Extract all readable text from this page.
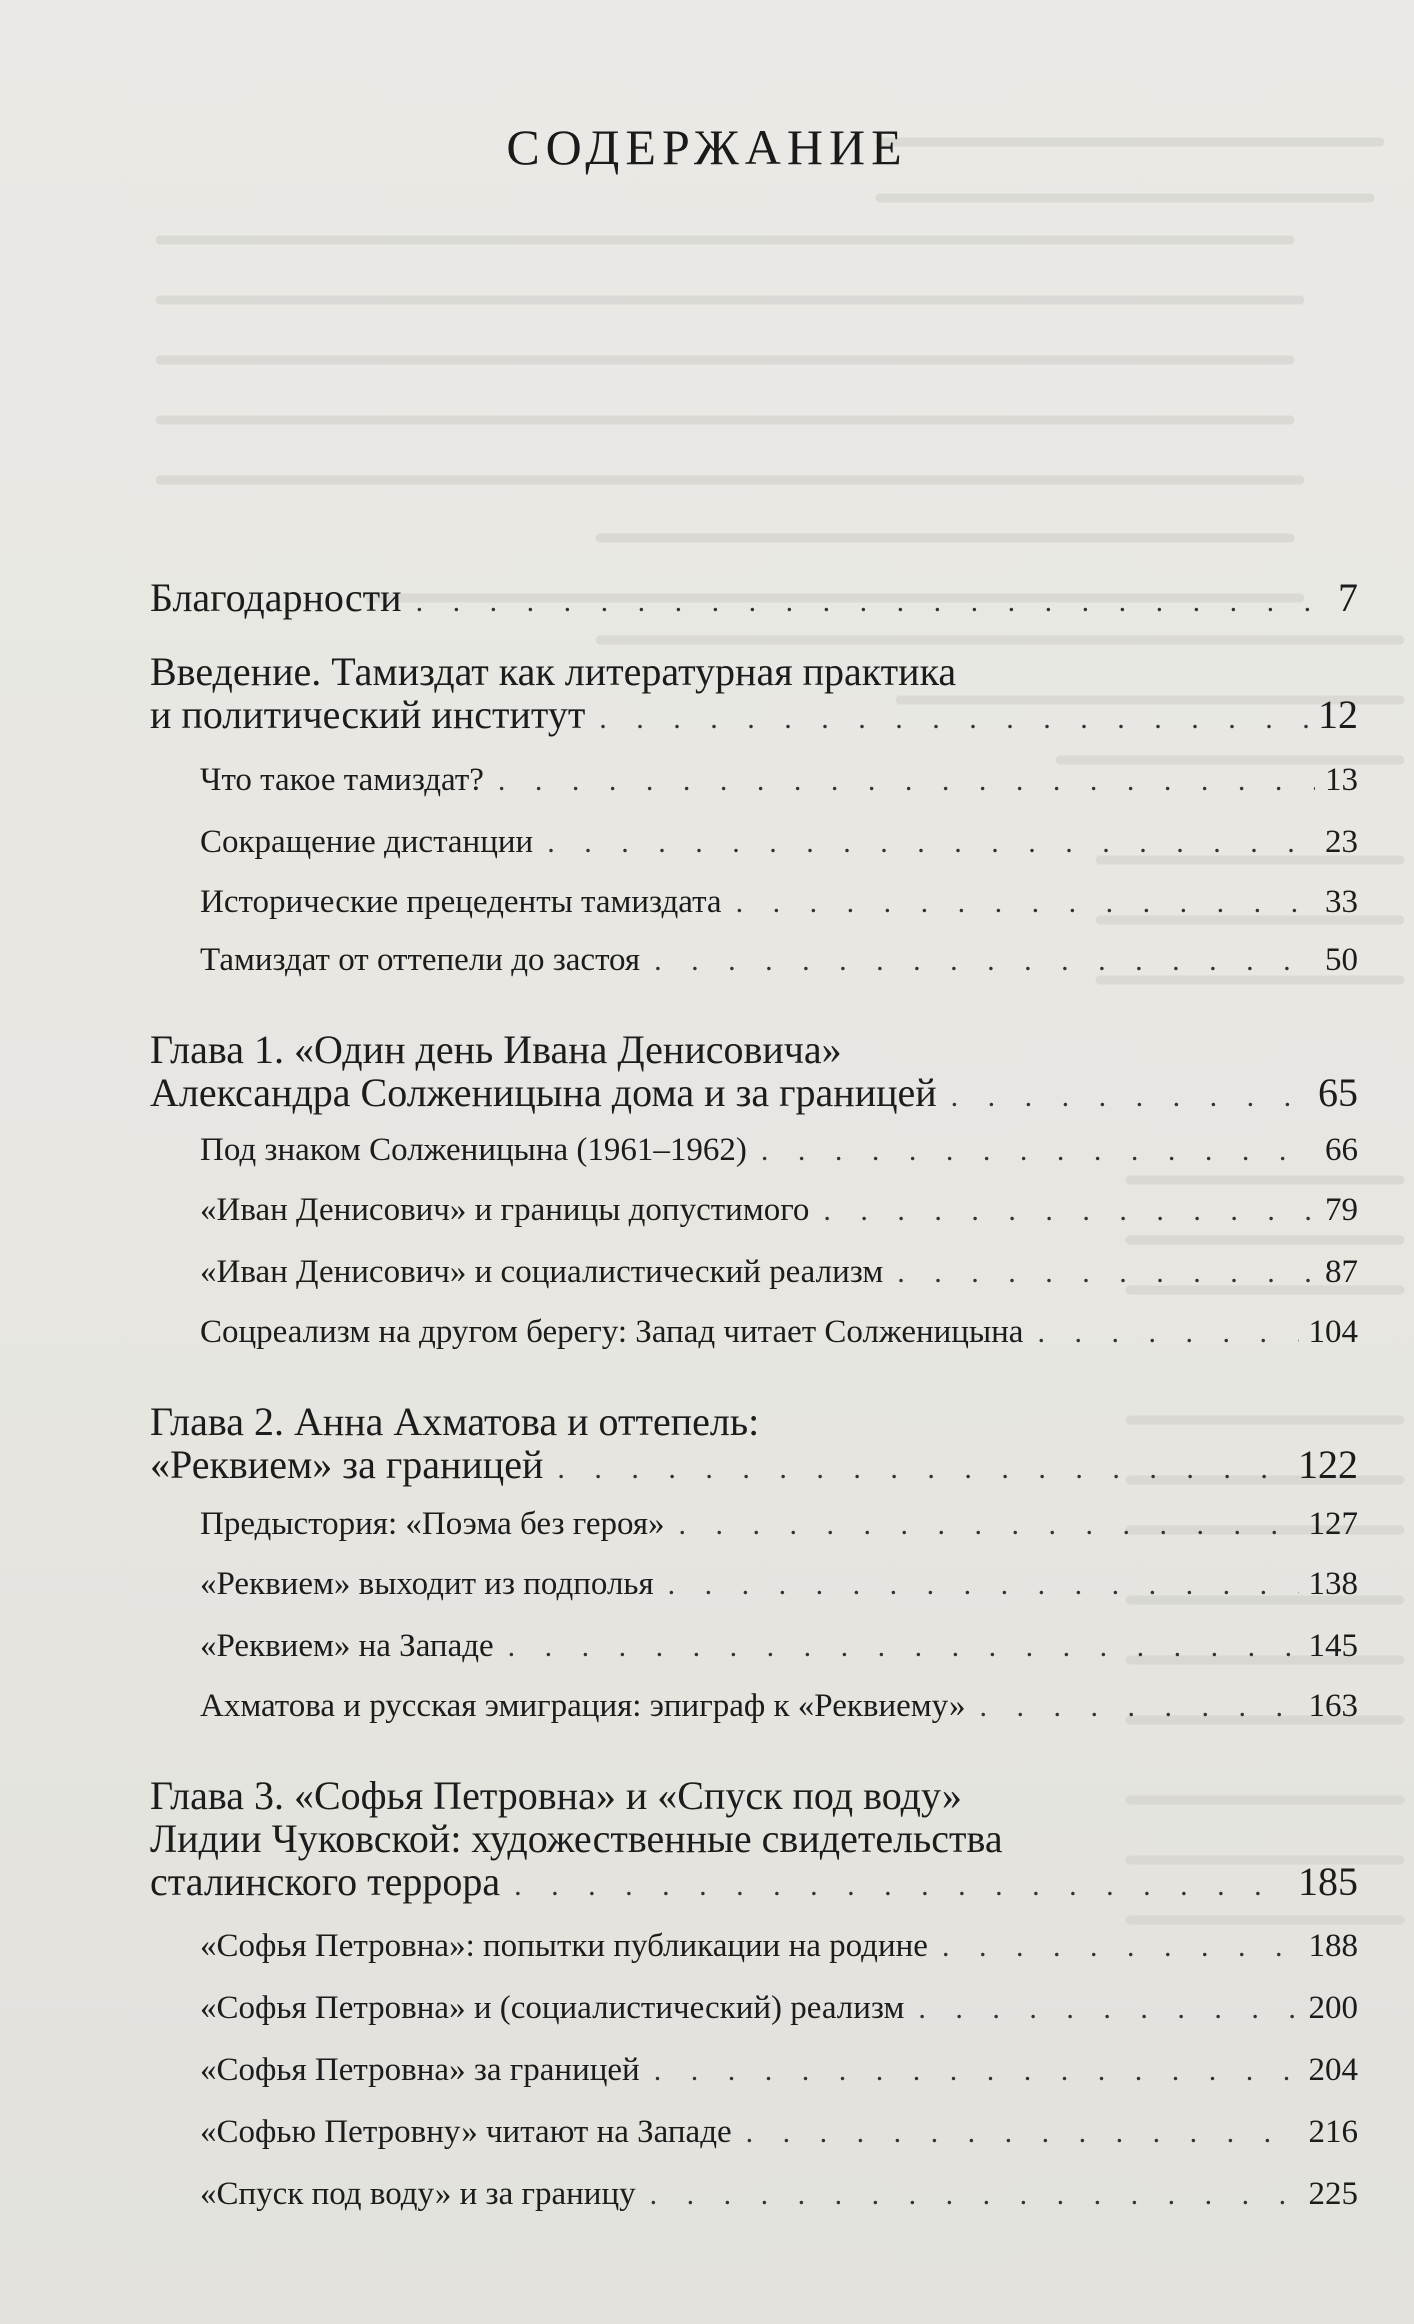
СОДЕРЖАНИЕ
Благодарности . . .	7
Введение. Тамиздат как литературная практика
и политический институт . . .	12
Что такое тамиздат? . . .	13
Сокращение дистанции . . .	23
Исторические прецеденты тамиздата . . .	33
Тамиздат от оттепели до застоя . . .	50
Глава 1. «Один день Ивана Денисовича»
Александра Солженицына дома и за границей . . .	65
Под знаком Солженицына (1961–1962) . . .	66
«Иван Денисович» и границы допустимого . . .	79
«Иван Денисович» и социалистический реализм . . .	87
Соцреализм на другом берегу: Запад читает Солженицына . . .	104
Глава 2. Анна Ахматова и оттепель:
«Реквием» за границей . . .	122
Предыстория: «Поэма без героя» . . .	127
«Реквием» выходит из подполья . . .	138
«Реквием» на Западе . . .	145
Ахматова и русская эмиграция: эпиграф к «Реквиему» . . .	163
Глава 3. «Софья Петровна» и «Спуск под воду»
Лидии Чуковской: художественные свидетельства
сталинского террора . . .	185
«Софья Петровна»: попытки публикации на родине . . .	188
«Софья Петровна» и (социалистический) реализм . . .	200
«Софья Петровна» за границей . . .	204
«Софью Петровну» читают на Западе . . .	216
«Спуск под воду» и за границу . . .	225
